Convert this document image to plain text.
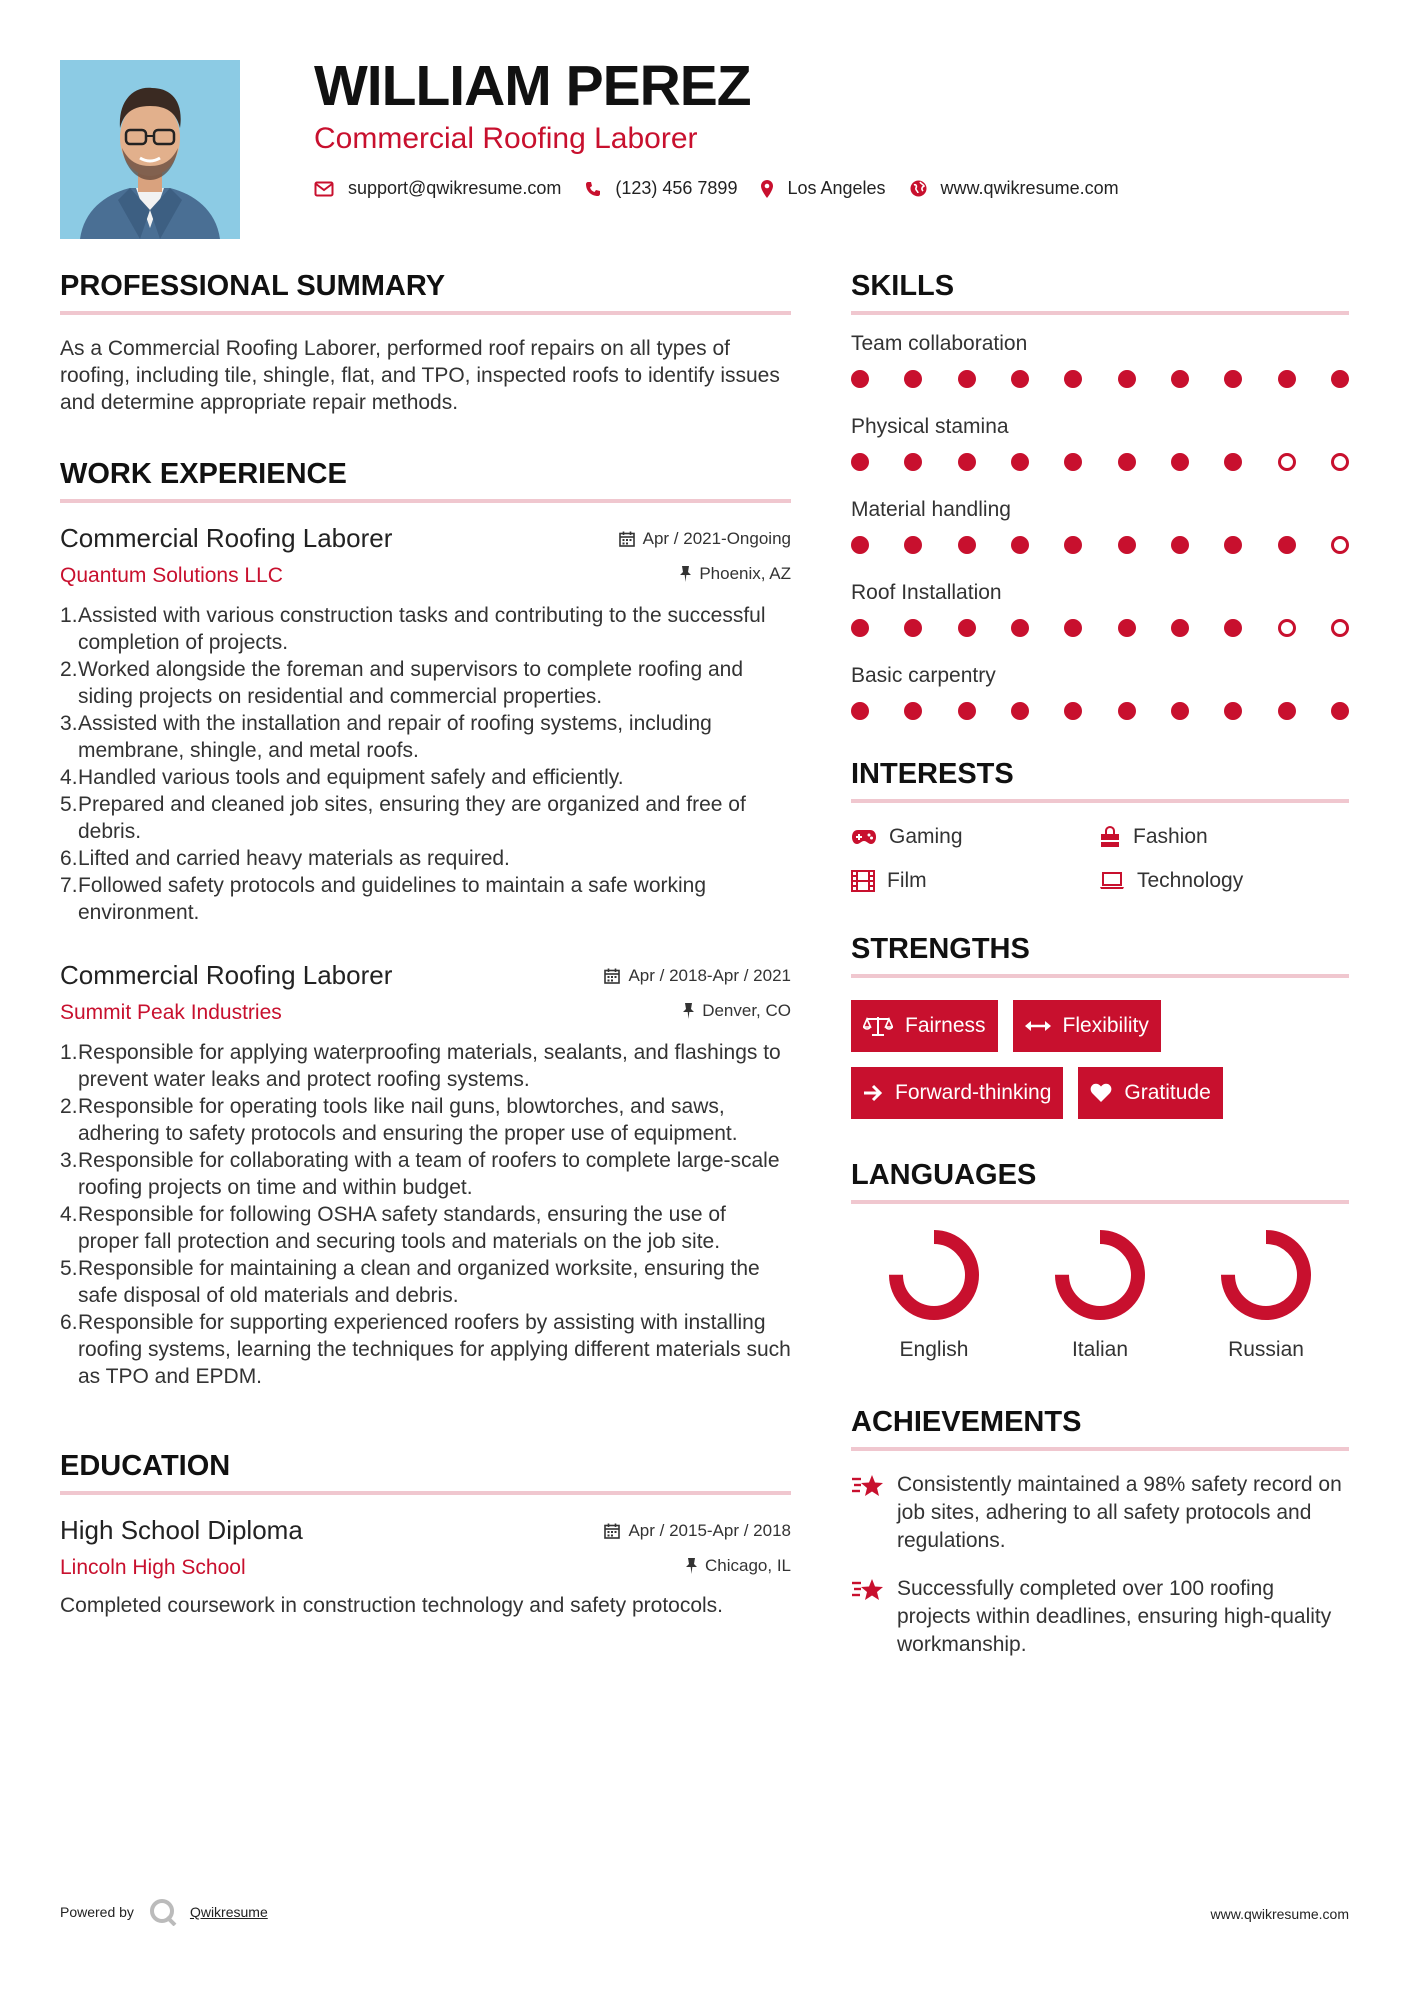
WILLIAM PEREZ
Commercial Roofing Laborer
support@qwikresume.com	(123) 456 7899	Los Angeles	www.qwikresume.com
PROFESSIONAL SUMMARY

As a Commercial Roofing Laborer, performed roof repairs on all types of roofing, including tile, shingle, flat, and TPO, inspected roofs to identify issues and determine appropriate repair methods.

WORK EXPERIENCE
Commercial Roofing Laborer	Apr / 2021-Ongoing
Quantum Solutions LLC	Phoenix, AZ
Assisted with various construction tasks and contributing to the successful completion of projects.
Worked alongside the foreman and supervisors to complete roofing and siding projects on residential and commercial properties.
Assisted with the installation and repair of roofing systems, including membrane, shingle, and metal roofs.
Handled various tools and equipment safely and efficiently.
Prepared and cleaned job sites, ensuring they are organized and free of debris.
Lifted and carried heavy materials as required.
Followed safety protocols and guidelines to maintain a safe working environment.
Commercial Roofing Laborer	Apr / 2018-Apr / 2021
Summit Peak Industries	Denver, CO
Responsible for applying waterproofing materials, sealants, and flashings to prevent water leaks and protect roofing systems.
Responsible for operating tools like nail guns, blowtorches, and saws, adhering to safety protocols and ensuring the proper use of equipment.
Responsible for collaborating with a team of roofers to complete large-scale roofing projects on time and within budget.
Responsible for following OSHA safety standards, ensuring the use of proper fall protection and securing tools and materials on the job site.
Responsible for maintaining a clean and organized worksite, ensuring the safe disposal of old materials and debris.
Responsible for supporting experienced roofers by assisting with installing roofing systems, learning the techniques for applying different materials such as TPO and EPDM.
EDUCATION
High School Diploma	Apr / 2015-Apr / 2018
Lincoln High School	Chicago, IL

Completed coursework in construction technology and safety protocols.

SKILLS
Team collaboration
Physical stamina
Material handling
Roof Installation
Basic carpentry
INTERESTS
Gaming	Fashion
Film	Technology
STRENGTHS
Fairness	Flexibility
Forward-thinking	Gratitude
LANGUAGES
English	Italian	Russian
ACHIEVEMENTS
Consistently maintained a 98% safety record on job sites, adhering to all safety protocols and regulations.
Successfully completed over 100 roofing projects within deadlines, ensuring high-quality workmanship.
Powered by	Qwikresume	www.qwikresume.com
